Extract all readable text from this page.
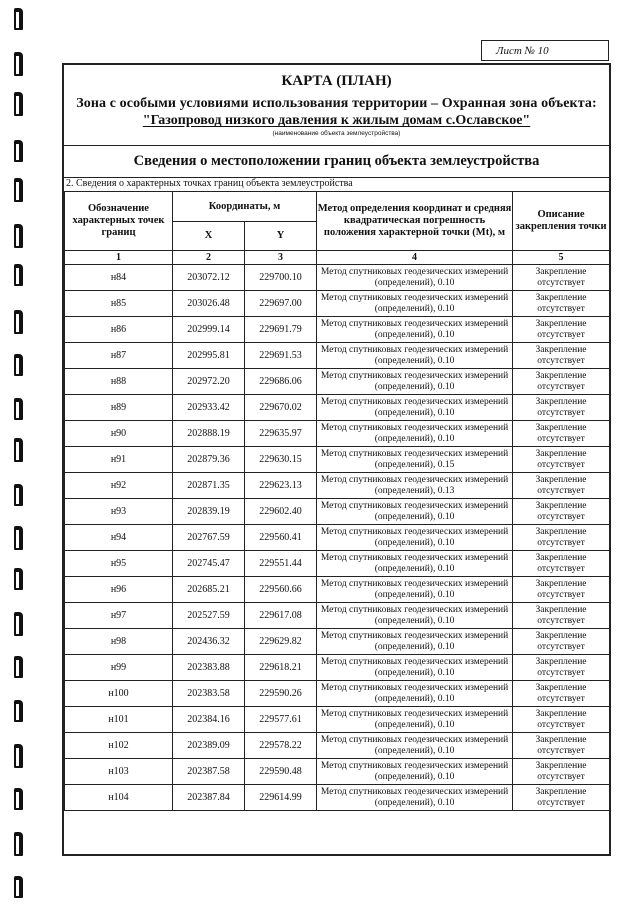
Лист № 10
КАРТА (ПЛАН)
Зона с особыми условиями использования территории – Охранная зона объекта:
"Газопровод низкого давления к жилым домам с.Ославское"
(наименование объекта землеустройства)
Сведения о местоположении границ объекта землеустройства
2. Сведения о характерных точках границ объекта землеустройства
Обозначение характерных точек границ	Координаты, м		Метод определения координат и средняя квадратическая погрешность положения характерной точки (Mt), м	Описание закрепления точки
	X	Y		
1	2	3	4	5
н84	203072.12	229700.10	Метод спутниковых геодезических измерений (определений), 0.10	Закрепление отсутствует
н85	203026.48	229697.00	Метод спутниковых геодезических измерений (определений), 0.10	Закрепление отсутствует
н86	202999.14	229691.79	Метод спутниковых геодезических измерений (определений), 0.10	Закрепление отсутствует
н87	202995.81	229691.53	Метод спутниковых геодезических измерений (определений), 0.10	Закрепление отсутствует
н88	202972.20	229686.06	Метод спутниковых геодезических измерений (определений), 0.10	Закрепление отсутствует
н89	202933.42	229670.02	Метод спутниковых геодезических измерений (определений), 0.10	Закрепление отсутствует
н90	202888.19	229635.97	Метод спутниковых геодезических измерений (определений), 0.10	Закрепление отсутствует
н91	202879.36	229630.15	Метод спутниковых геодезических измерений (определений), 0.15	Закрепление отсутствует
н92	202871.35	229623.13	Метод спутниковых геодезических измерений (определений), 0.13	Закрепление отсутствует
н93	202839.19	229602.40	Метод спутниковых геодезических измерений (определений), 0.10	Закрепление отсутствует
н94	202767.59	229560.41	Метод спутниковых геодезических измерений (определений), 0.10	Закрепление отсутствует
н95	202745.47	229551.44	Метод спутниковых геодезических измерений (определений), 0.10	Закрепление отсутствует
н96	202685.21	229560.66	Метод спутниковых геодезических измерений (определений), 0.10	Закрепление отсутствует
н97	202527.59	229617.08	Метод спутниковых геодезических измерений (определений), 0.10	Закрепление отсутствует
н98	202436.32	229629.82	Метод спутниковых геодезических измерений (определений), 0.10	Закрепление отсутствует
н99	202383.88	229618.21	Метод спутниковых геодезических измерений (определений), 0.10	Закрепление отсутствует
н100	202383.58	229590.26	Метод спутниковых геодезических измерений (определений), 0.10	Закрепление отсутствует
н101	202384.16	229577.61	Метод спутниковых геодезических измерений (определений), 0.10	Закрепление отсутствует
н102	202389.09	229578.22	Метод спутниковых геодезических измерений (определений), 0.10	Закрепление отсутствует
н103	202387.58	229590.48	Метод спутниковых геодезических измерений (определений), 0.10	Закрепление отсутствует
н104	202387.84	229614.99	Метод спутниковых геодезических измерений (определений), 0.10	Закрепление отсутствует
